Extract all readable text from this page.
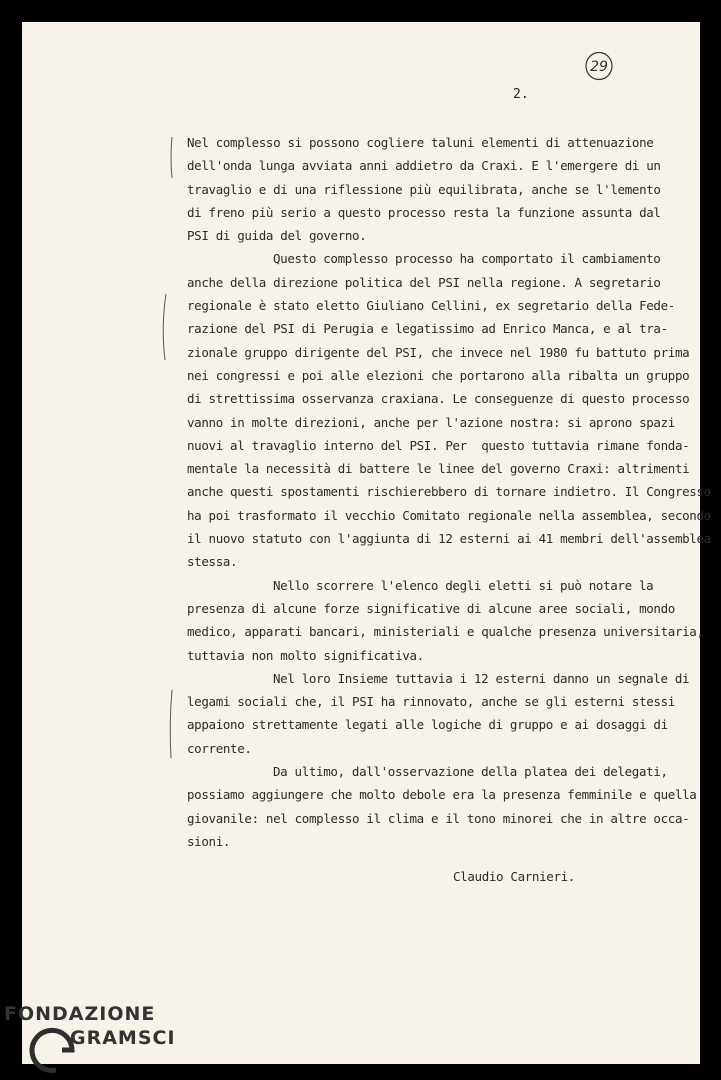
2.
29
Nel complesso si possono cogliere taluni elementi di attenuazione
dell'onda lunga avviata anni addietro da Craxi. E l'emergere di un
travaglio e di una riflessione più equilibrata, anche se l'lemento
di freno più serio a questo processo resta la funzione assunta dal
PSI di guida del governo.
Questo complesso processo ha comportato il cambiamento
anche della direzione politica del PSI nella regione. A segretario
regionale è stato eletto Giuliano Cellini, ex segretario della Fede-
razione del PSI di Perugia e legatissimo ad Enrico Manca, e al tra-
zionale gruppo dirigente del PSI, che invece nel 1980 fu battuto prima
nei congressi e poi alle elezioni che portarono alla ribalta un gruppo
di strettissima osservanza craxiana. Le conseguenze di questo processo
vanno in molte direzioni, anche per l'azione nostra: si aprono spazi
nuovi al travaglio interno del PSI. Per  questo tuttavia rimane fonda-
mentale la necessità di battere le linee del governo Craxi: altrimenti
anche questi spostamenti rischierebbero di tornare indietro. Il Congresso
ha poi trasformato il vecchio Comitato regionale nella assemblea, secondo
il nuovo statuto con l'aggiunta di 12 esterni ai 41 membri dell'assemblea
stessa.
Nello scorrere l'elenco degli eletti si può notare la
presenza di alcune forze significative di alcune aree sociali, mondo
medico, apparati bancari, ministeriali e qualche presenza universitaria,
tuttavia non molto significativa.
Nel loro Insieme tuttavia i 12 esterni danno un segnale di
legami sociali che, il PSI ha rinnovato, anche se gli esterni stessi
appaiono strettamente legati alle logiche di gruppo e ai dosaggi di
corrente.
Da ultimo, dall'osservazione della platea dei delegati,
possiamo aggiungere che molto debole era la presenza femminile e quella
giovanile: nel complesso il clima e il tono minorei che in altre occa-
sioni.
Claudio Carnieri.
FONDAZIONE
GRAMSCI
